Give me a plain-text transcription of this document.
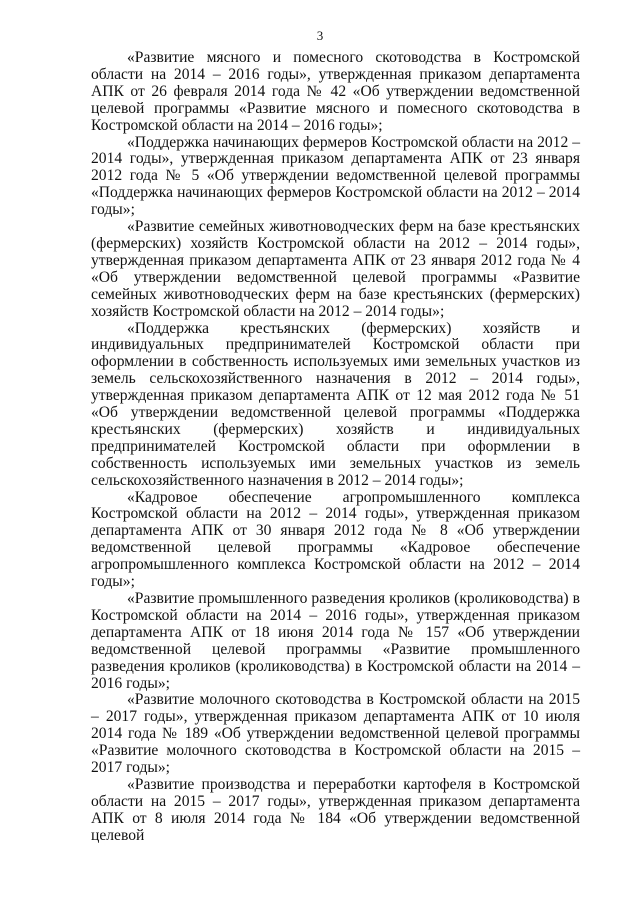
3

«Развитие мясного и помесного скотоводства в Костромской области на 2014 – 2016 годы», утвержденная приказом департамента АПК от 26 февраля 2014 года № 42 «Об утверждении ведомственной целевой программы «Развитие мясного и помесного скотоводства в Костромской области на 2014 – 2016 годы»;

«Поддержка начинающих фермеров Костромской области на 2012 – 2014 годы», утвержденная приказом департамента АПК от 23 января 2012 года № 5 «Об утверждении ведомственной целевой программы «Поддержка начинающих фермеров Костромской области на 2012 – 2014 годы»;

«Развитие семейных животноводческих ферм на базе крестьянских (фермерских) хозяйств Костромской области на 2012 – 2014 годы», утвержденная приказом департамента АПК от 23 января 2012 года № 4 «Об утверждении ведомственной целевой программы «Развитие семейных животноводческих ферм на базе крестьянских (фермерских) хозяйств Костромской области на 2012 – 2014 годы»;

«Поддержка крестьянских (фермерских) хозяйств и индивидуальных предпринимателей Костромской области при оформлении в собственность используемых ими земельных участков из земель сельскохозяйственного назначения в 2012 – 2014 годы», утвержденная приказом департамента АПК от 12 мая 2012 года № 51 «Об утверждении ведомственной целевой программы «Поддержка крестьянских (фермерских) хозяйств и индивидуальных предпринимателей Костромской области при оформлении в собственность используемых ими земельных участков из земель сельскохозяйственного назначения в 2012 – 2014 годы»;

«Кадровое обеспечение агропромышленного комплекса Костромской области на 2012 – 2014 годы», утвержденная приказом департамента АПК от 30 января 2012 года № 8 «Об утверждении ведомственной целевой программы «Кадровое обеспечение агропромышленного комплекса Костромской области на 2012 – 2014 годы»;

«Развитие промышленного разведения кроликов (кролиководства) в Костромской области на 2014 – 2016 годы», утвержденная приказом департамента АПК от 18 июня 2014 года № 157 «Об утверждении ведомственной целевой программы «Развитие промышленного разведения кроликов (кролиководства) в Костромской области на 2014 – 2016 годы»;

«Развитие молочного скотоводства в Костромской области на 2015 – 2017 годы», утвержденная приказом департамента АПК от 10 июля 2014 года № 189 «Об утверждении ведомственной целевой программы «Развитие молочного скотоводства в Костромской области на 2015 – 2017 годы»;

«Развитие производства и переработки картофеля в Костромской области на 2015 – 2017 годы», утвержденная приказом департамента АПК от 8 июля 2014 года № 184 «Об утверждении ведомственной целевой
